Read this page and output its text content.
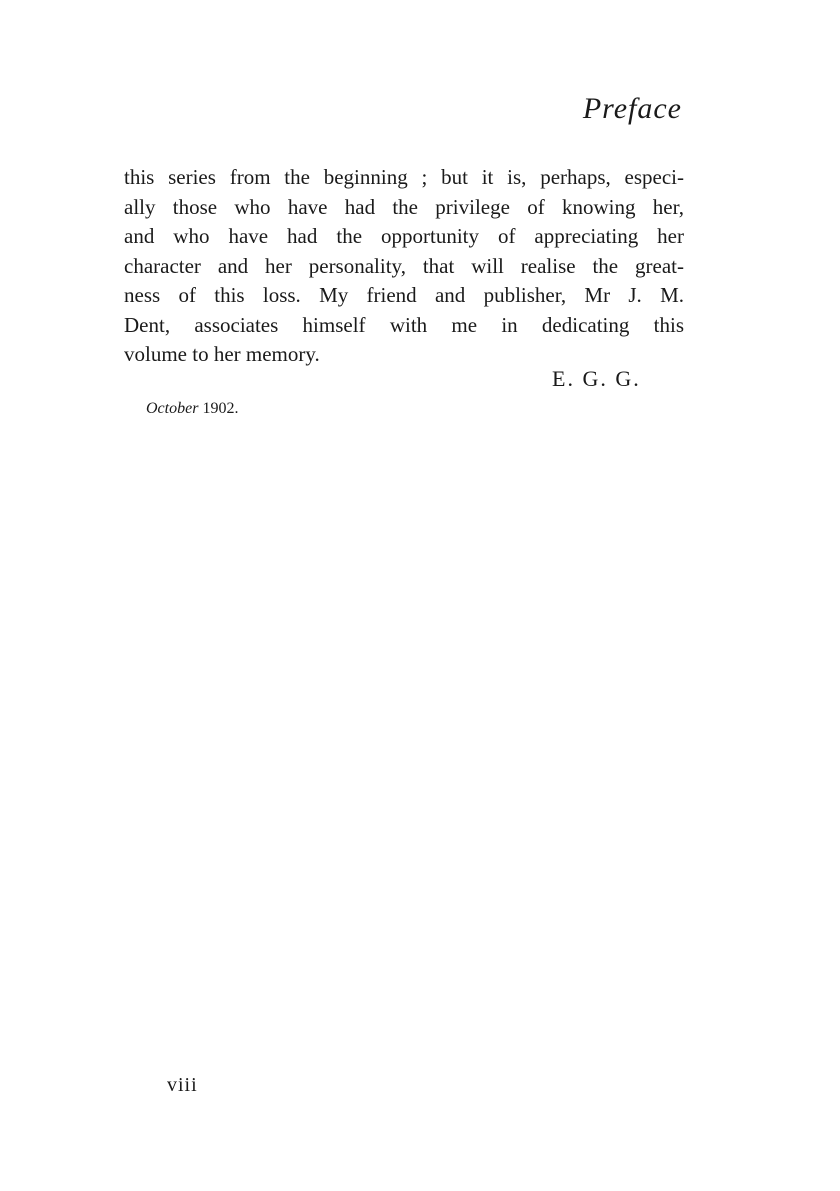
Preface
this series from the beginning ; but it is, perhaps, especi-
ally those who have had the privilege of knowing her,
and who have had the opportunity of appreciating her
character and her personality, that will realise the great-
ness of this loss. My friend and publisher, Mr J. M.
Dent, associates himself with me in dedicating this
volume to her memory.
E. G. G.
October 1902.
viii
